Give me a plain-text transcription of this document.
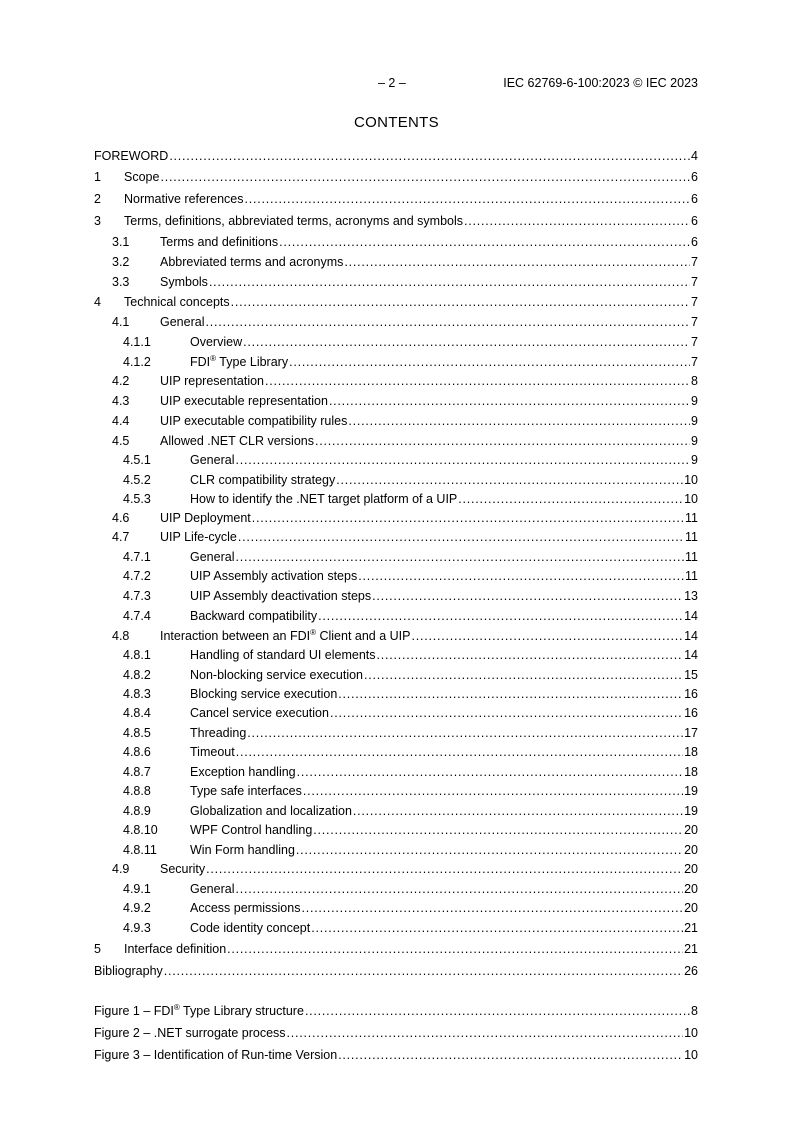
– 2 –	IEC 62769-6-100:2023 © IEC 2023
CONTENTS
FOREWORD . . .	4
1	Scope . . .	6
2	Normative references . . .	6
3	Terms, definitions, abbreviated terms, acronyms and symbols . . .	6
3.1	Terms and definitions . . .	6
3.2	Abbreviated terms and acronyms . . .	7
3.3	Symbols . . .	7
4	Technical concepts . . .	7
4.1	General . . .	7
4.1.1	Overview . . .	7
4.1.2	FDI® Type Library . . .	7
4.2	UIP representation . . .	8
4.3	UIP executable representation . . .	9
4.4	UIP executable compatibility rules . . .	9
4.5	Allowed .NET CLR versions . . .	9
4.5.1	General . . .	9
4.5.2	CLR compatibility strategy . . .	10
4.5.3	How to identify the .NET target platform of a UIP . . .	10
4.6	UIP Deployment . . .	11
4.7	UIP Life-cycle . . .	11
4.7.1	General . . .	11
4.7.2	UIP Assembly activation steps . . .	11
4.7.3	UIP Assembly deactivation steps . . .	13
4.7.4	Backward compatibility . . .	14
4.8	Interaction between an FDI® Client and a UIP . . .	14
4.8.1	Handling of standard UI elements . . .	14
4.8.2	Non-blocking service execution . . .	15
4.8.3	Blocking service execution . . .	16
4.8.4	Cancel service execution . . .	16
4.8.5	Threading . . .	17
4.8.6	Timeout . . .	18
4.8.7	Exception handling . . .	18
4.8.8	Type safe interfaces . . .	19
4.8.9	Globalization and localization . . .	19
4.8.10	WPF Control handling . . .	20
4.8.11	Win Form handling . . .	20
4.9	Security . . .	20
4.9.1	General . . .	20
4.9.2	Access permissions . . .	20
4.9.3	Code identity concept . . .	21
5	Interface definition . . .	21
Bibliography . . .	26
Figure 1 – FDI® Type Library structure . . .	8
Figure 2 – .NET surrogate process . . .	10
Figure 3 – Identification of Run-time Version . . .	10
